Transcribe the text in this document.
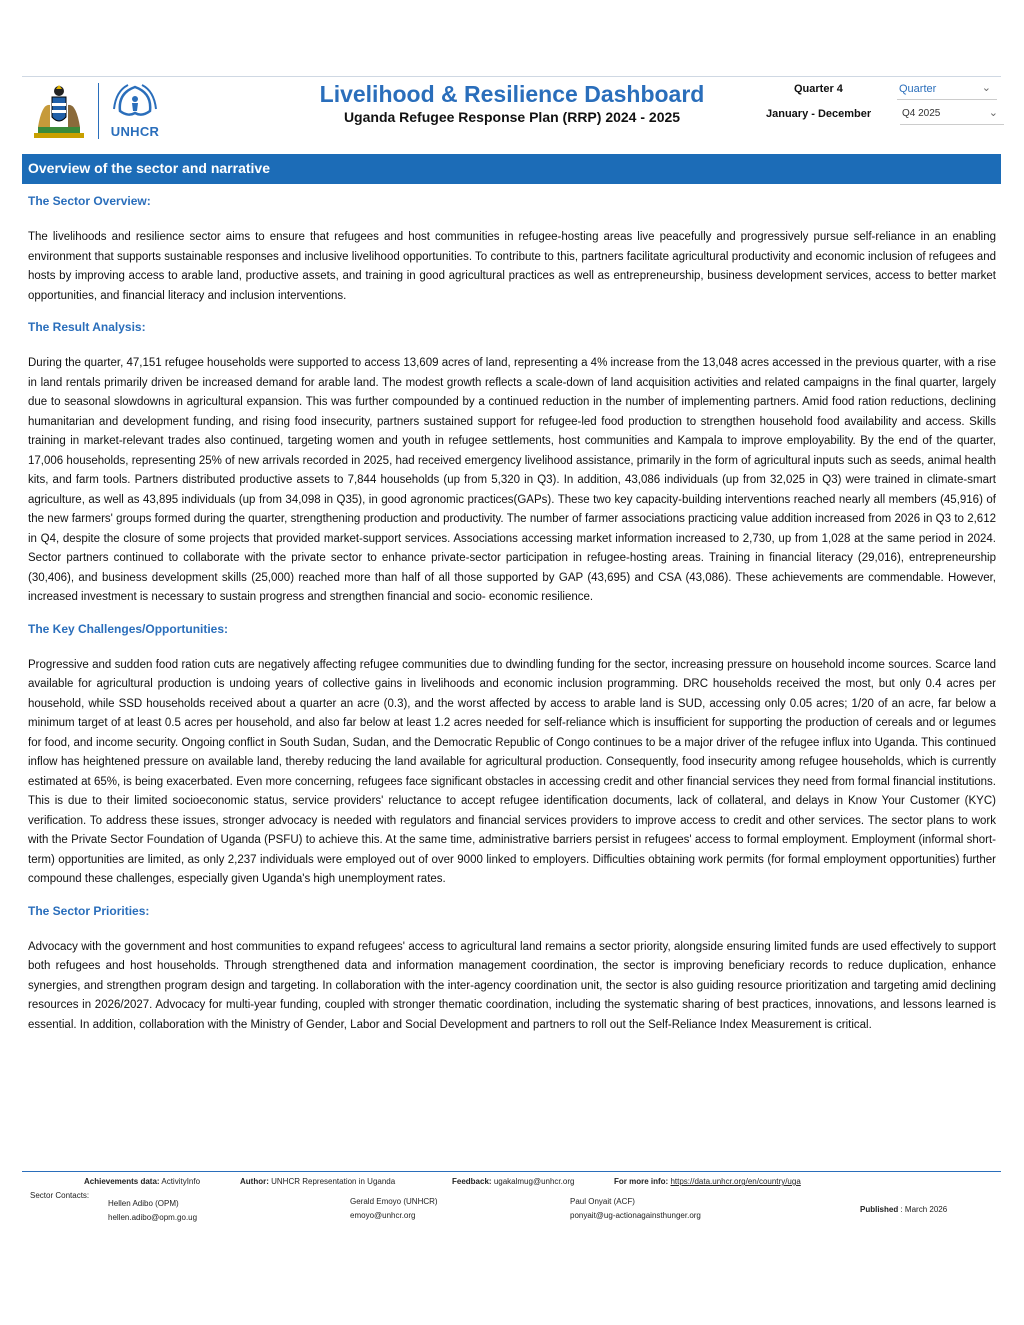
UNHCR
Livelihood & Resilience Dashboard
Uganda Refugee Response Plan (RRP) 2024 - 2025
Quarter 4
January - December
Quarter	⌄
Q4 2025	⌄
Overview of the sector and narrative
The Sector Overview:

The livelihoods and resilience sector aims to ensure that refugees and host communities in refugee-hosting areas live peacefully and progressively pursue self-reliance in an enabling environment that supports sustainable responses and inclusive livelihood opportunities. To contribute to this, partners facilitate agricultural productivity and economic inclusion of refugees and hosts by improving access to arable land, productive assets, and training in good agricultural practices as well as entrepreneurship, business development services, access to better market opportunities, and financial literacy and inclusion interventions.

The Result Analysis:

During the quarter, 47,151 refugee households were supported to access 13,609 acres of land, representing a 4% increase from the 13,048 acres accessed in the previous quarter, with a rise in land rentals primarily driven be increased demand for arable land. The modest growth reflects a scale-down of land acquisition activities and related campaigns in the final quarter, largely due to seasonal slowdowns in agricultural expansion. This was further compounded by a continued reduction in the number of implementing partners. Amid food ration reductions, declining humanitarian and development funding, and rising food insecurity, partners sustained support for refugee-led food production to strengthen household food availability and access. Skills training in market-relevant trades also continued, targeting women and youth in refugee settlements, host communities and Kampala to improve employability. By the end of the quarter, 17,006 households, representing 25% of new arrivals recorded in 2025, had received emergency livelihood assistance, primarily in the form of agricultural inputs such as seeds, animal health kits, and farm tools. Partners distributed productive assets to 7,844 households (up from 5,320 in Q3). In addition, 43,086 individuals (up from 32,025 in Q3) were trained in climate-smart agriculture, as well as 43,895 individuals (up from 34,098 in Q35), in good agronomic practices(GAPs). These two key capacity-building interventions reached nearly all members (45,916) of the new farmers' groups formed during the quarter, strengthening production and productivity. The number of farmer associations practicing value addition increased from 2026 in Q3 to 2,612 in Q4, despite the closure of some projects that provided market-support services. Associations accessing market information increased to 2,730, up from 1,028 at the same period in 2024. Sector partners continued to collaborate with the private sector to enhance private-sector participation in refugee-hosting areas. Training in financial literacy (29,016), entrepreneurship (30,406), and business development skills (25,000) reached more than half of all those supported by GAP (43,695) and CSA (43,086). These achievements are commendable. However, increased investment is necessary to sustain progress and strengthen financial and socio- economic resilience.

The Key Challenges/Opportunities:

Progressive and sudden food ration cuts are negatively affecting refugee communities due to dwindling funding for the sector, increasing pressure on household income sources. Scarce land available for agricultural production is undoing years of collective gains in livelihoods and economic inclusion programming. DRC households received the most, but only 0.4 acres per household, while SSD households received about a quarter an acre (0.3), and the worst affected by access to arable land is SUD, accessing only 0.05 acres; 1/20 of an acre, far below a minimum target of at least 0.5 acres per household, and also far below at least 1.2 acres needed for self-reliance which is insufficient for supporting the production of cereals and or legumes for food, and income security. Ongoing conflict in South Sudan, Sudan, and the Democratic Republic of Congo continues to be a major driver of the refugee influx into Uganda. This continued inflow has heightened pressure on available land, thereby reducing the land available for agricultural production. Consequently, food insecurity among refugee households, which is currently estimated at 65%, is being exacerbated. Even more concerning, refugees face significant obstacles in accessing credit and other financial services they need from formal financial institutions. This is due to their limited socioeconomic status, service providers' reluctance to accept refugee identification documents, lack of collateral, and delays in Know Your Customer (KYC) verification. To address these issues, stronger advocacy is needed with regulators and financial services providers to improve access to credit and other services. The sector plans to work with the Private Sector Foundation of Uganda (PSFU) to achieve this. At the same time, administrative barriers persist in refugees' access to formal employment. Employment (informal short-term) opportunities are limited, as only 2,237 individuals were employed out of over 9000 linked to employers. Difficulties obtaining work permits (for formal employment opportunities) further compound these challenges, especially given Uganda's high unemployment rates.

The Sector Priorities:

Advocacy with the government and host communities to expand refugees' access to agricultural land remains a sector priority, alongside ensuring limited funds are used effectively to support both refugees and host households. Through strengthened data and information management coordination, the sector is improving beneficiary records to reduce duplication, enhance synergies, and strengthen program design and targeting. In collaboration with the inter-agency coordination unit, the sector is also guiding resource prioritization and targeting amid declining resources in 2026/2027. Advocacy for multi-year funding, coupled with stronger thematic coordination, including the systematic sharing of best practices, innovations, and lessons learned is essential. In addition, collaboration with the Ministry of Gender, Labor and Social Development and partners to roll out the Self-Reliance Index Measurement is critical.

Achievements data: ActivityInfo	Author: UNHCR Representation in Uganda	Feedback: ugakalmug@unhcr.org	For more info: https://data.unhcr.org/en/country/uga
Sector Contacts:
Hellen Adibo (OPM)
hellen.adibo@opm.go.ug
Gerald Emoyo (UNHCR)
emoyo@unhcr.org
Paul Onyait (ACF)
ponyait@ug-actionagainsthunger.org
Published : March 2026
